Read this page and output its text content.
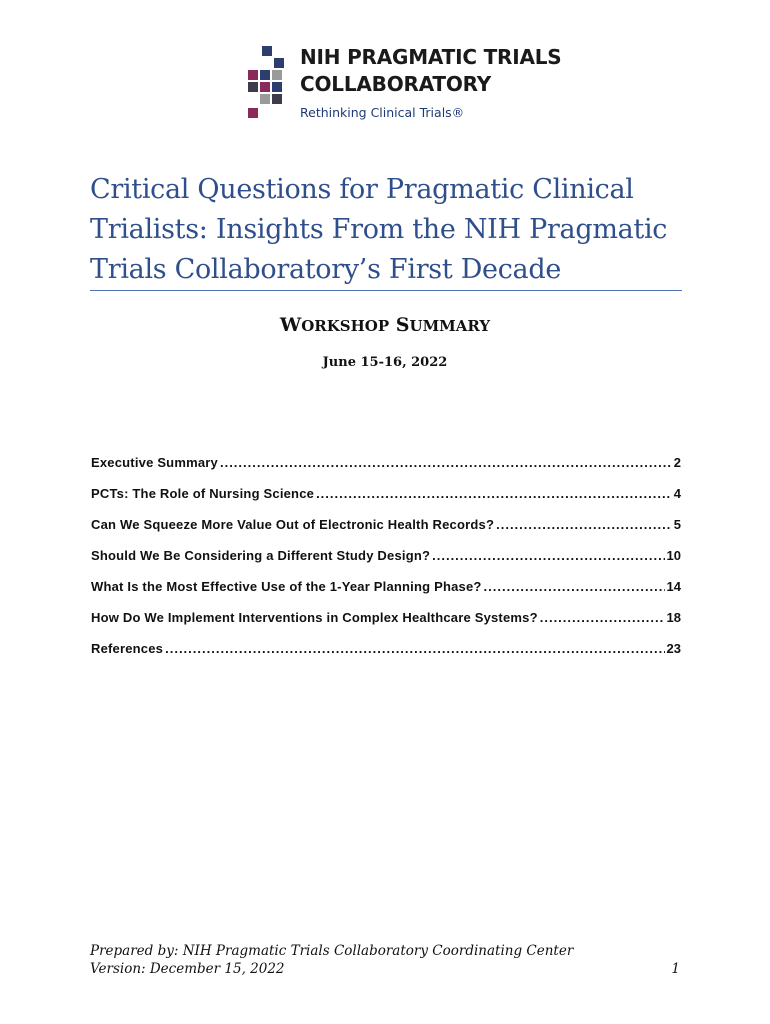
NIH PRAGMATIC TRIALS
COLLABORATORY
Rethinking Clinical Trials®
Critical Questions for Pragmatic Clinical
Trialists: Insights From the NIH Pragmatic
Trials Collaboratory’s First Decade
WORKSHOP SUMMARY
June 15-16, 2022
Executive Summary .....	2
PCTs: The Role of Nursing Science .....	4
Can We Squeeze More Value Out of Electronic Health Records? .....	5
Should We Be Considering a Different Study Design? .....	10
What Is the Most Effective Use of the 1-Year Planning Phase? .....	14
How Do We Implement Interventions in Complex Healthcare Systems? .....	18
References .....	23
Prepared by: NIH Pragmatic Trials Collaboratory Coordinating Center
Version: December 15, 2022	1
